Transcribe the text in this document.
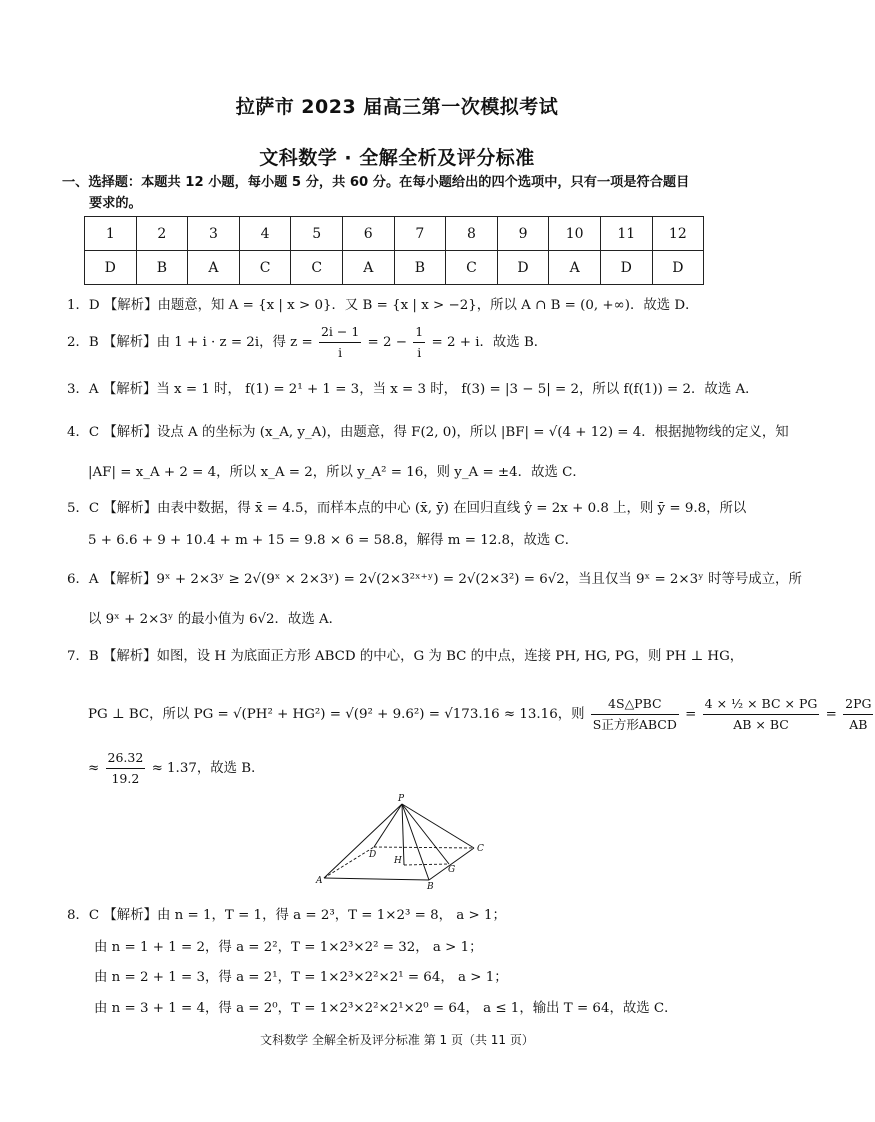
拉萨市 2023 届高三第一次模拟考试
文科数学 · 全解全析及评分标准
一、选择题：本题共 12 小题，每小题 5 分，共 60 分。在每小题给出的四个选项中，只有一项是符合题目
要求的。
1	2	3	4	5	6	7	8	9	10	11	12
D	B	A	C	C	A	B	C	D	A	D	D
1．D 【解析】由题意，知 A = {x | x > 0}．又 B = {x | x > −2}，所以 A ∩ B = (0, +∞)．故选 D．
2．B 【解析】由 1 + i · z = 2i，得 $z = \frac{2i - 1}{i} = 2 - \frac{1}{i} = 2 + i$．故选 B．
3．A 【解析】当 x = 1 时， f(1) = 2¹ + 1 = 3，当 x = 3 时， f(3) = |3 − 5| = 2，所以 f(f(1)) = 2．故选 A．
4．C 【解析】设点 A 的坐标为 (x_A, y_A)，由题意，得 F(2, 0)，所以 |BF| = √(4 + 12) = 4．根据抛物线的定义，知
|AF| = x_A + 2 = 4，所以 x_A = 2，所以 y_A² = 16，则 y_A = ±4．故选 C．
5．C 【解析】由表中数据，得 x̄ = 4.5，而样本点的中心 (x̄, ȳ) 在回归直线 ŷ = 2x + 0.8 上，则 ȳ = 9.8，所以
5 + 6.6 + 9 + 10.4 + m + 15 = 9.8 × 6 = 58.8，解得 m = 12.8，故选 C．
6．A 【解析】9ˣ + 2×3ʸ ≥ 2√(9ˣ × 2×3ʸ) = 2√(2×3²ˣ⁺ʸ) = 2√(2×3²) = 6√2，当且仅当 9ˣ = 2×3ʸ 时等号成立，所
以 9ˣ + 2×3ʸ 的最小值为 6√2．故选 A．
7．B 【解析】如图，设 H 为底面正方形 ABCD 的中心，G 为 BC 的中点，连接 PH, HG, PG，则 PH ⊥ HG，
PG ⊥ BC，所以 PG = √(PH² + HG²) = √(9² + 9.6²) = √173.16 ≈ 13.16，则 $\frac{\text{4S△PBC}}{\text{S正方形ABCD}} = \frac{\text{4 × ½ × BC × PG}}{AB \times BC} = \frac{2PG}{AB}$
≈ $\frac{26.32}{19.2} \approx 1.37$，故选 B．
P
D
H
G
C
A
B
8．C 【解析】由 n = 1，T = 1，得 a = 2³，T = 1×2³ = 8， a > 1；
由 n = 1 + 1 = 2，得 a = 2²，T = 1×2³×2² = 32， a > 1；
由 n = 2 + 1 = 3，得 a = 2¹，T = 1×2³×2²×2¹ = 64， a > 1；
由 n = 3 + 1 = 4，得 a = 2⁰，T = 1×2³×2²×2¹×2⁰ = 64， a ≤ 1，输出 T = 64，故选 C．
文科数学 全解全析及评分标准 第 1 页（共 11 页）
